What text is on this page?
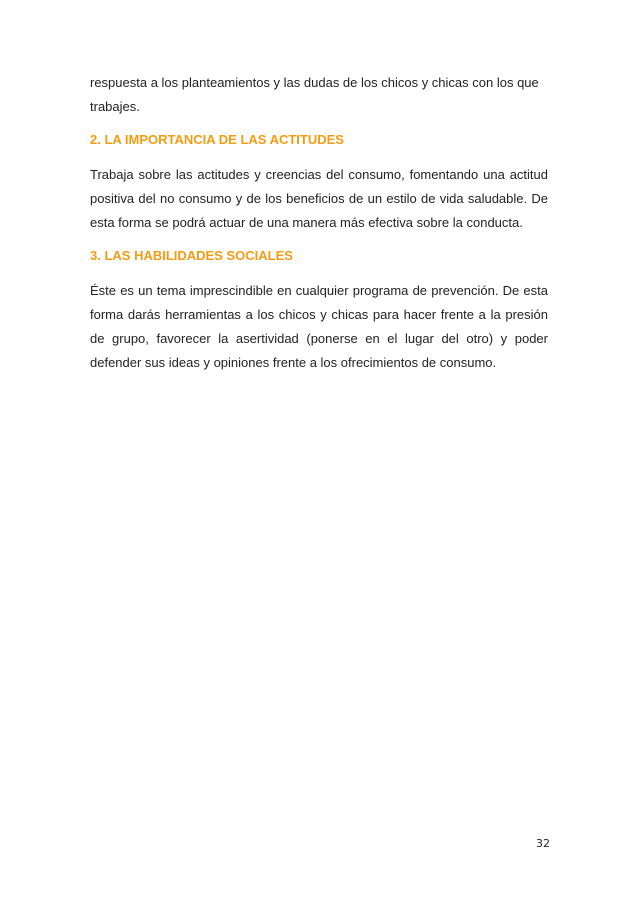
respuesta a los planteamientos y las dudas de los chicos y chicas con los que trabajes.

2. LA IMPORTANCIA DE LAS ACTITUDES

Trabaja sobre las actitudes y creencias del consumo, fomentando una actitud positiva del no consumo y de los beneficios de un estilo de vida saludable. De esta forma se podrá actuar de una manera más efectiva sobre la conducta.

3. LAS HABILIDADES SOCIALES

Éste es un tema imprescindible en cualquier programa de prevención. De esta forma darás herramientas a los chicos y chicas para hacer frente a la presión de grupo, favorecer la asertividad (ponerse en el lugar del otro) y poder defender sus ideas y opiniones frente a los ofrecimientos de consumo.

32
